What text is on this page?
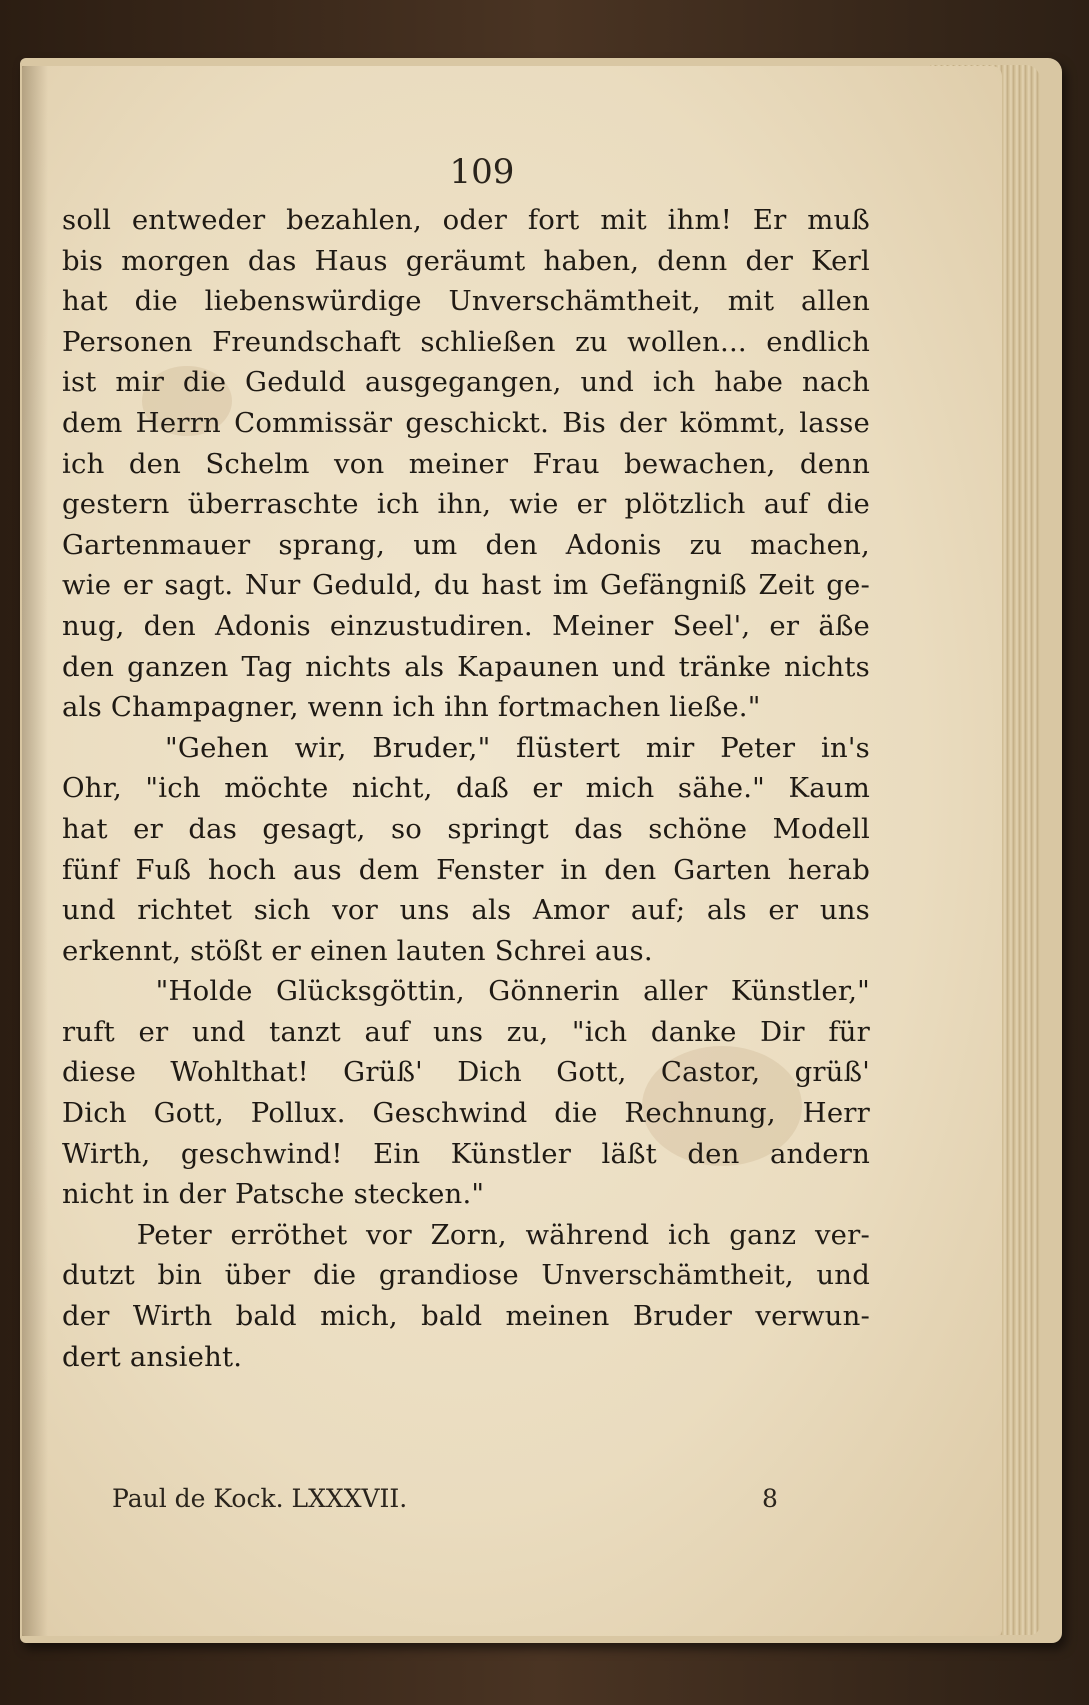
109
soll entweder bezahlen, oder fort mit ihm! Er muß
bis morgen das Haus geräumt haben, denn der Kerl
hat die liebenswürdige Unverschämtheit, mit allen
Personen Freundschaft schließen zu wollen... endlich
ist mir die Geduld ausgegangen, und ich habe nach
dem Herrn Commissär geschickt. Bis der kömmt, lasse
ich den Schelm von meiner Frau bewachen, denn
gestern überraschte ich ihn, wie er plötzlich auf die
Gartenmauer sprang, um den Adonis zu machen,
wie er sagt. Nur Geduld, du hast im Gefängniß Zeit ge-
nug, den Adonis einzustudiren. Meiner Seel', er äße
den ganzen Tag nichts als Kapaunen und tränke nichts
als Champagner, wenn ich ihn fortmachen ließe."
"Gehen wir, Bruder," flüstert mir Peter in's
Ohr, "ich möchte nicht, daß er mich sähe." Kaum
hat er das gesagt, so springt das schöne Modell
fünf Fuß hoch aus dem Fenster in den Garten herab
und richtet sich vor uns als Amor auf; als er uns
erkennt, stößt er einen lauten Schrei aus.
"Holde Glücksgöttin, Gönnerin aller Künstler,"
ruft er und tanzt auf uns zu, "ich danke Dir für
diese Wohlthat! Grüß' Dich Gott, Castor, grüß'
Dich Gott, Pollux. Geschwind die Rechnung, Herr
Wirth, geschwind! Ein Künstler läßt den andern
nicht in der Patsche stecken."
Peter erröthet vor Zorn, während ich ganz ver-
dutzt bin über die grandiose Unverschämtheit, und
der Wirth bald mich, bald meinen Bruder verwun-
dert ansieht.
Paul de Kock. LXXXVII.	8
